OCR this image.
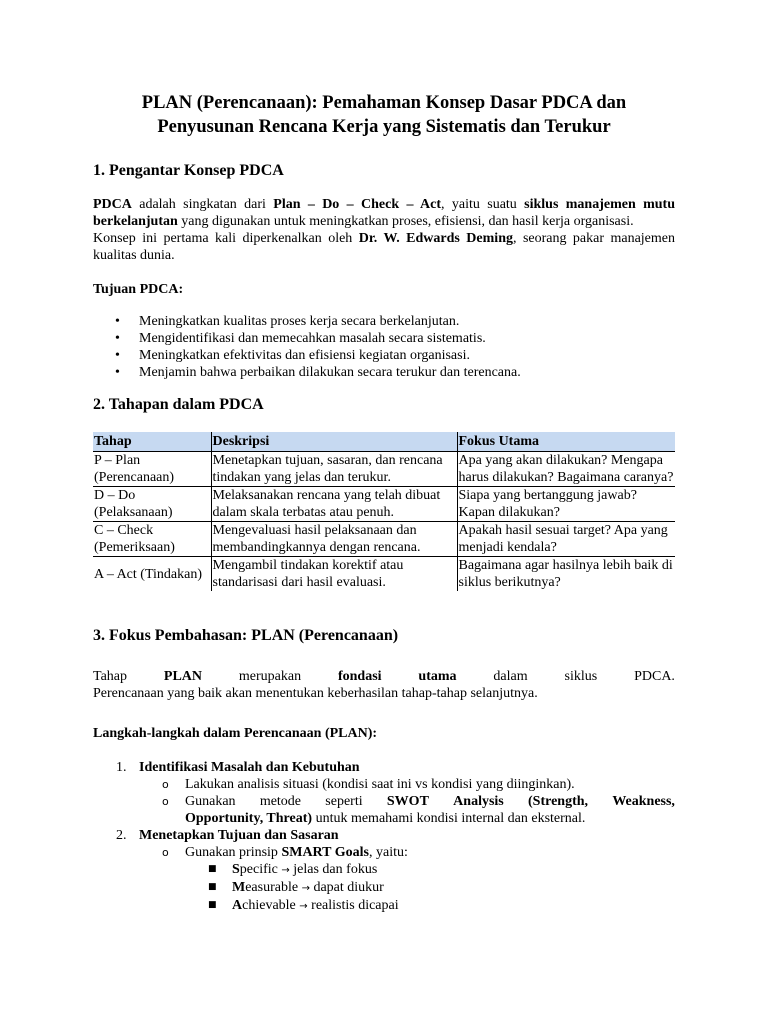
PLAN (Perencanaan): Pemahaman Konsep Dasar PDCA dan
Penyusunan Rencana Kerja yang Sistematis dan Terukur
1. Pengantar Konsep PDCA

PDCA adalah singkatan dari Plan – Do – Check – Act, yaitu suatu siklus manajemen mutu berkelanjutan yang digunakan untuk meningkatkan proses, efisiensi, dan hasil kerja organisasi.

Konsep ini pertama kali diperkenalkan oleh Dr. W. Edwards Deming, seorang pakar manajemen kualitas dunia.

Tujuan PDCA:
• Meningkatkan kualitas proses kerja secara berkelanjutan.
• Mengidentifikasi dan memecahkan masalah secara sistematis.
• Meningkatkan efektivitas dan efisiensi kegiatan organisasi.
• Menjamin bahwa perbaikan dilakukan secara terukur dan terencana.
2. Tahapan dalam PDCA
Tahap	Deskripsi	Fokus Utama
P – Plan (Perencanaan)	Menetapkan tujuan, sasaran, dan rencana tindakan yang jelas dan terukur.	Apa yang akan dilakukan? Mengapa harus dilakukan? Bagaimana caranya?
D – Do (Pelaksanaan)	Melaksanakan rencana yang telah dibuat dalam skala terbatas atau penuh.	Siapa yang bertanggung jawab? Kapan dilakukan?
C – Check (Pemeriksaan)	Mengevaluasi hasil pelaksanaan dan membandingkannya dengan rencana.	Apakah hasil sesuai target? Apa yang menjadi kendala?
A – Act (Tindakan)	Mengambil tindakan korektif atau standarisasi dari hasil evaluasi.	Bagaimana agar hasilnya lebih baik di siklus berikutnya?
3. Fokus Pembahasan: PLAN (Perencanaan)
Tahap	PLAN	merupakan	fondasi	utama	dalam	siklus	PDCA.

Perencanaan yang baik akan menentukan keberhasilan tahap-tahap selanjutnya.

Langkah-langkah dalam Perencanaan (PLAN):
1. Identifikasi Masalah dan Kebutuhan
o Lakukan analisis situasi (kondisi saat ini vs kondisi yang diinginkan).
o Gunakan metode seperti SWOT Analysis (Strength, Weakness,
Opportunity, Threat) untuk memahami kondisi internal dan eksternal.
2. Menetapkan Tujuan dan Sasaran
o Gunakan prinsip SMART Goals, yaitu:
■ Specific → jelas dan fokus
■ Measurable → dapat diukur
■ Achievable → realistis dicapai
